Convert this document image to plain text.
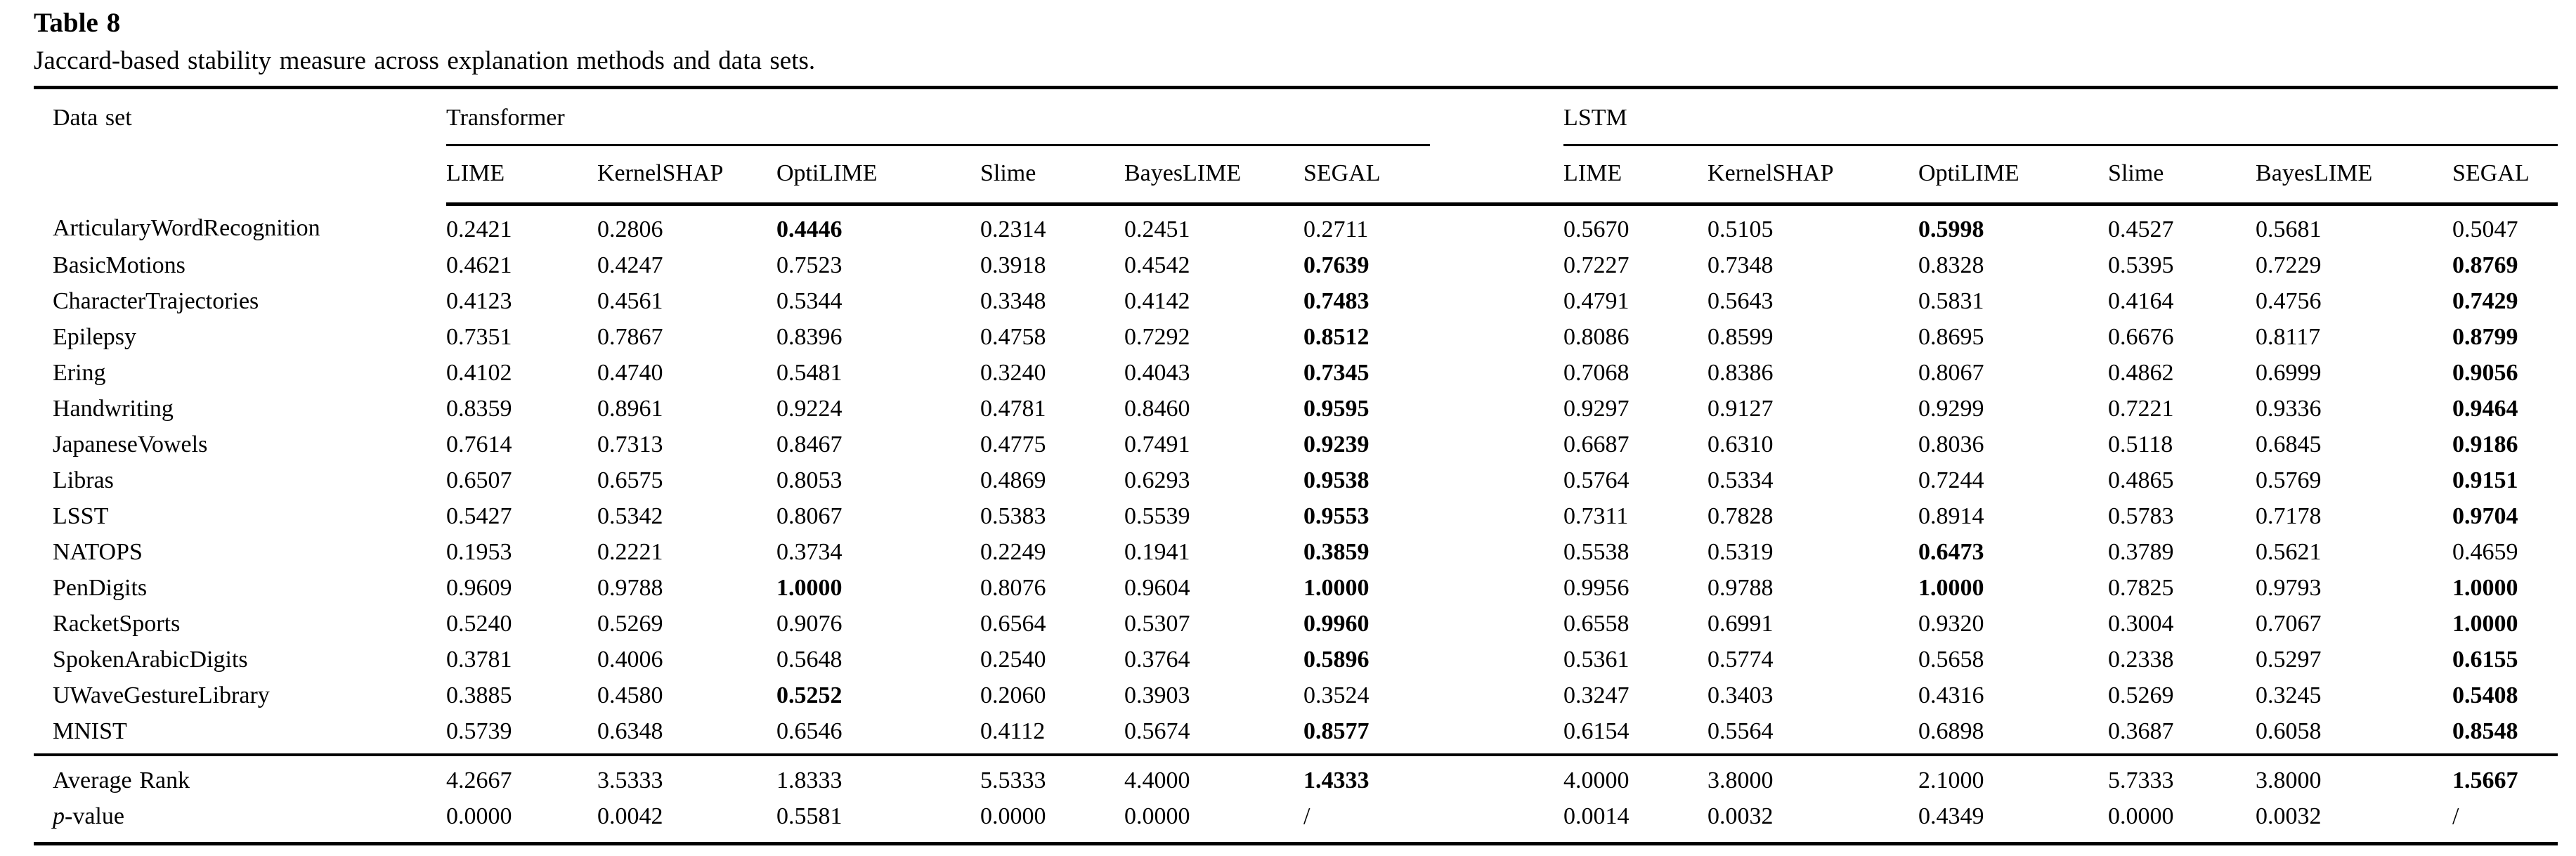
Table 8
Jaccard-based stability measure across explanation methods and data sets.
Data set	Transformer						LSTM					

	LIME	KernelSHAP	OptiLIME	Slime	BayesLIME	SEGAL	LIME	KernelSHAP	OptiLIME	Slime	BayesLIME	SEGAL
ArticularyWordRecognition	0.2421	0.2806	0.4446	0.2314	0.2451	0.2711	0.5670	0.5105	0.5998	0.4527	0.5681	0.5047
BasicMotions	0.4621	0.4247	0.7523	0.3918	0.4542	0.7639	0.7227	0.7348	0.8328	0.5395	0.7229	0.8769
CharacterTrajectories	0.4123	0.4561	0.5344	0.3348	0.4142	0.7483	0.4791	0.5643	0.5831	0.4164	0.4756	0.7429
Epilepsy	0.7351	0.7867	0.8396	0.4758	0.7292	0.8512	0.8086	0.8599	0.8695	0.6676	0.8117	0.8799
Ering	0.4102	0.4740	0.5481	0.3240	0.4043	0.7345	0.7068	0.8386	0.8067	0.4862	0.6999	0.9056
Handwriting	0.8359	0.8961	0.9224	0.4781	0.8460	0.9595	0.9297	0.9127	0.9299	0.7221	0.9336	0.9464
JapaneseVowels	0.7614	0.7313	0.8467	0.4775	0.7491	0.9239	0.6687	0.6310	0.8036	0.5118	0.6845	0.9186
Libras	0.6507	0.6575	0.8053	0.4869	0.6293	0.9538	0.5764	0.5334	0.7244	0.4865	0.5769	0.9151
LSST	0.5427	0.5342	0.8067	0.5383	0.5539	0.9553	0.7311	0.7828	0.8914	0.5783	0.7178	0.9704
NATOPS	0.1953	0.2221	0.3734	0.2249	0.1941	0.3859	0.5538	0.5319	0.6473	0.3789	0.5621	0.4659
PenDigits	0.9609	0.9788	1.0000	0.8076	0.9604	1.0000	0.9956	0.9788	1.0000	0.7825	0.9793	1.0000
RacketSports	0.5240	0.5269	0.9076	0.6564	0.5307	0.9960	0.6558	0.6991	0.9320	0.3004	0.7067	1.0000
SpokenArabicDigits	0.3781	0.4006	0.5648	0.2540	0.3764	0.5896	0.5361	0.5774	0.5658	0.2338	0.5297	0.6155
UWaveGestureLibrary	0.3885	0.4580	0.5252	0.2060	0.3903	0.3524	0.3247	0.3403	0.4316	0.5269	0.3245	0.5408
MNIST	0.5739	0.6348	0.6546	0.4112	0.5674	0.8577	0.6154	0.5564	0.6898	0.3687	0.6058	0.8548
Average Rank	4.2667	3.5333	1.8333	5.5333	4.4000	1.4333	4.0000	3.8000	2.1000	5.7333	3.8000	1.5667
p-value	0.0000	0.0042	0.5581	0.0000	0.0000	/	0.0014	0.0032	0.4349	0.0000	0.0032	/
